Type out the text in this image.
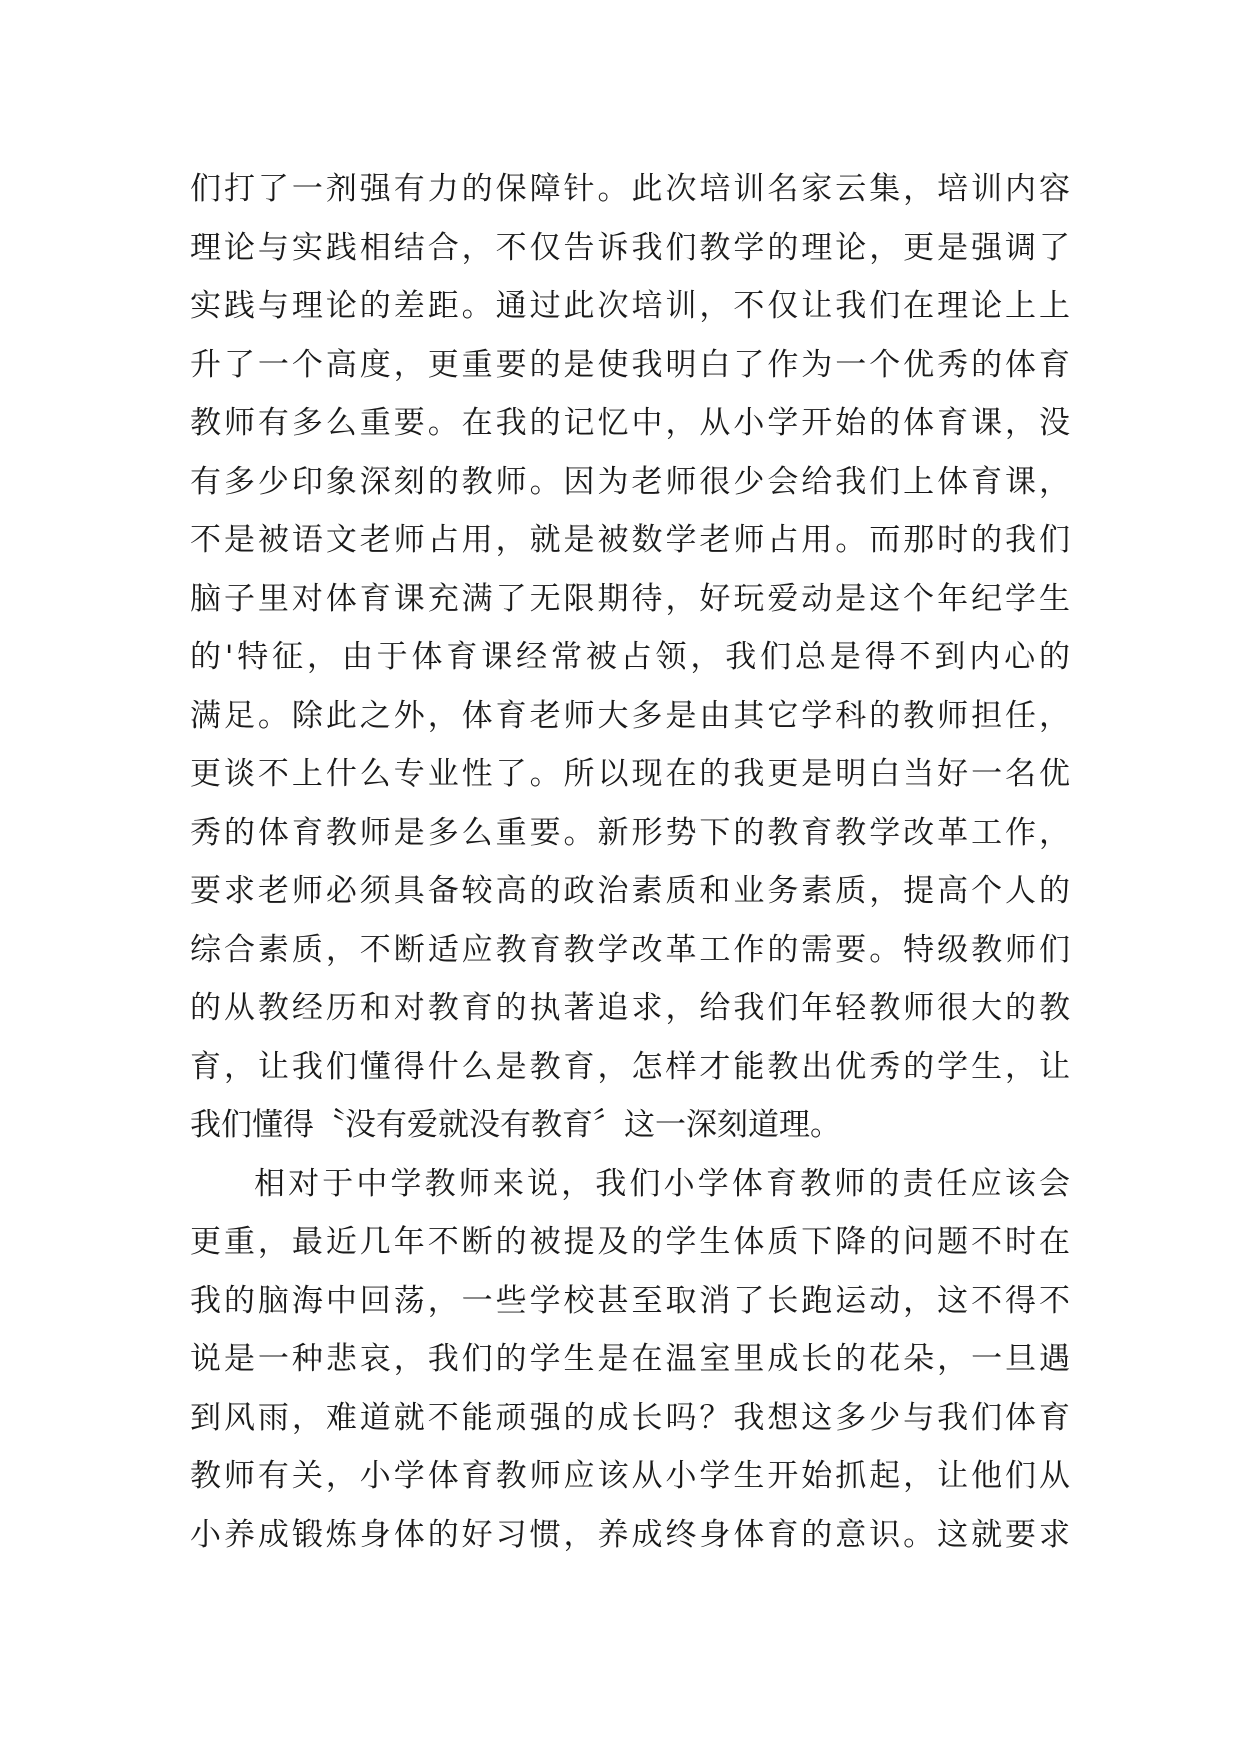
们打了一剂强有力的保障针。此次培训名家云集，培训内容
理论与实践相结合，不仅告诉我们教学的理论，更是强调了
实践与理论的差距。通过此次培训，不仅让我们在理论上上
升了一个高度，更重要的是使我明白了作为一个优秀的体育
教师有多么重要。在我的记忆中，从小学开始的体育课，没
有多少印象深刻的教师。因为老师很少会给我们上体育课，
不是被语文老师占用，就是被数学老师占用。而那时的我们
脑子里对体育课充满了无限期待，好玩爱动是这个年纪学生
的'特征，由于体育课经常被占领，我们总是得不到内心的
满足。除此之外，体育老师大多是由其它学科的教师担任，
更谈不上什么专业性了。所以现在的我更是明白当好一名优
秀的体育教师是多么重要。新形势下的教育教学改革工作，
要求老师必须具备较高的政治素质和业务素质，提高个人的
综合素质，不断适应教育教学改革工作的需要。特级教师们
的从教经历和对教育的执著追求，给我们年轻教师很大的教
育，让我们懂得什么是教育，怎样才能教出优秀的学生，让
我们懂得〝没有爱就没有教育〞这一深刻道理。
相对于中学教师来说，我们小学体育教师的责任应该会
更重，最近几年不断的被提及的学生体质下降的问题不时在
我的脑海中回荡，一些学校甚至取消了长跑运动，这不得不
说是一种悲哀，我们的学生是在温室里成长的花朵，一旦遇
到风雨，难道就不能顽强的成长吗？我想这多少与我们体育
教师有关，小学体育教师应该从小学生开始抓起，让他们从
小养成锻炼身体的好习惯，养成终身体育的意识。这就要求
